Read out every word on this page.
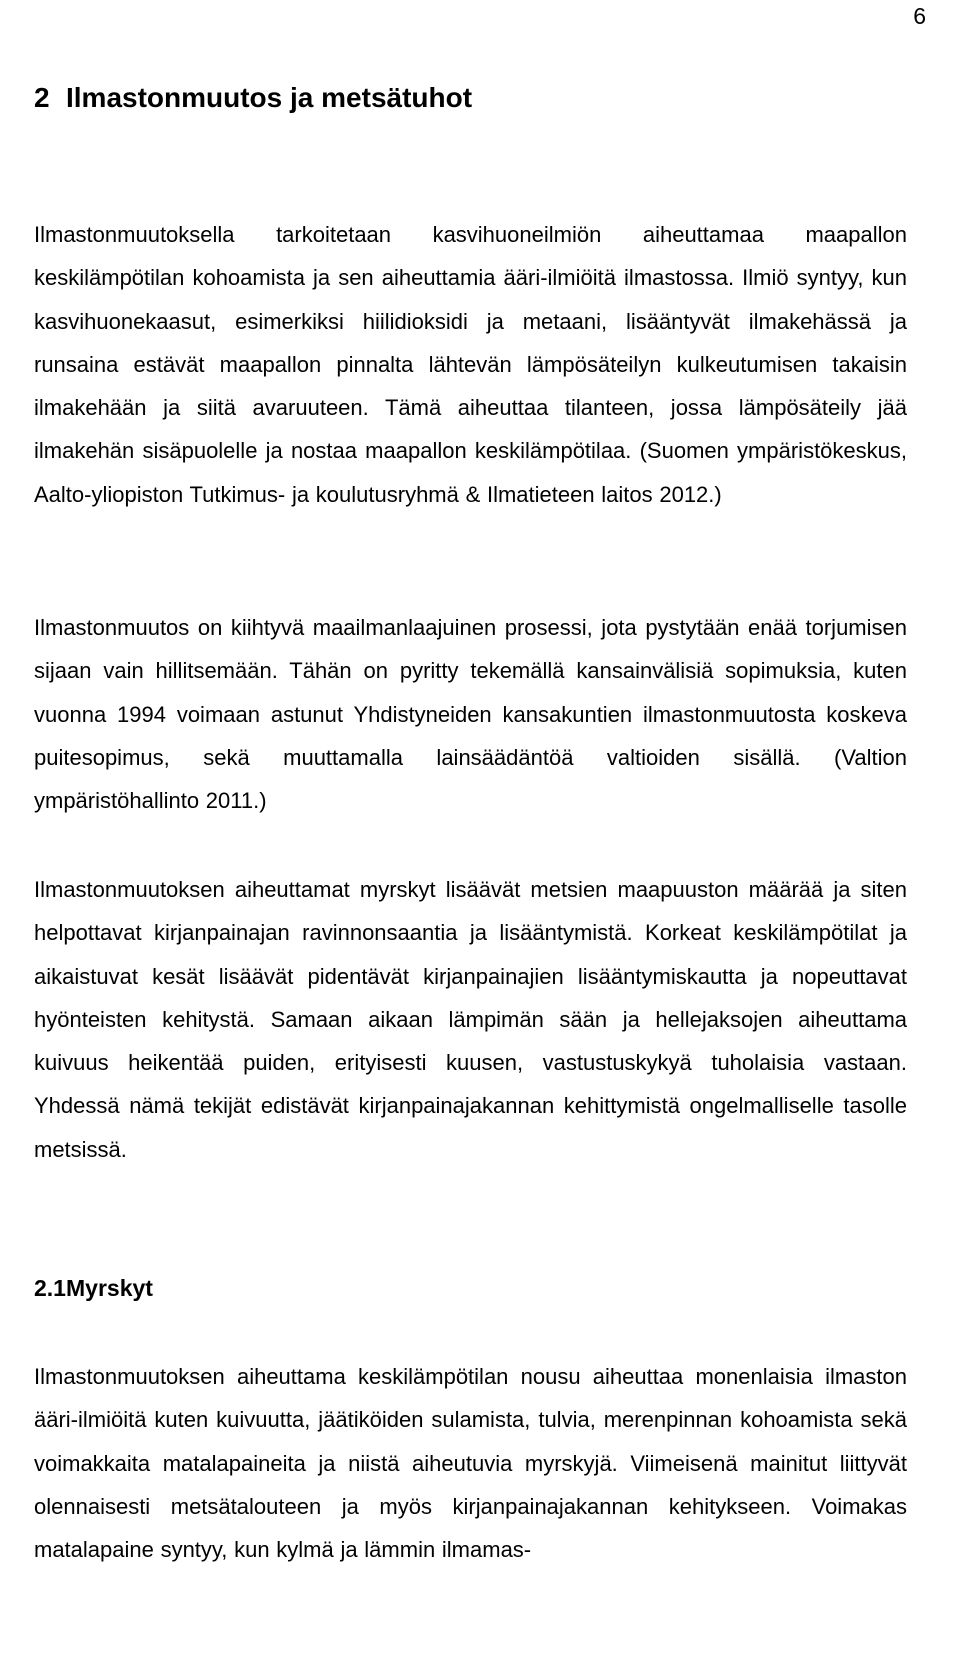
6
2 Ilmastonmuutos ja metsätuhot

Ilmastonmuutoksella tarkoitetaan kasvihuoneilmiön aiheuttamaa maapallon keskilämpötilan kohoamista ja sen aiheuttamia ääri-ilmiöitä ilmastossa. Ilmiö syntyy, kun kasvihuonekaasut, esimerkiksi hiilidioksidi ja metaani, lisääntyvät ilmakehässä ja runsaina estävät maapallon pinnalta lähtevän lämpösäteilyn kulkeutumisen takaisin ilmakehään ja siitä avaruuteen. Tämä aiheuttaa tilanteen, jossa lämpösäteily jää ilmakehän sisäpuolelle ja nostaa maapallon keskilämpötilaa. (Suomen ympäristökeskus, Aalto-yliopiston Tutkimus- ja koulutusryhmä & Ilmatieteen laitos 2012.)

Ilmastonmuutos on kiihtyvä maailmanlaajuinen prosessi, jota pystytään enää torjumisen sijaan vain hillitsemään. Tähän on pyritty tekemällä kansainvälisiä sopimuksia, kuten vuonna 1994 voimaan astunut Yhdistyneiden kansakuntien ilmastonmuutosta koskeva puitesopimus, sekä muuttamalla lainsäädäntöä valtioiden sisällä. (Valtion ympäristöhallinto 2011.)

Ilmastonmuutoksen aiheuttamat myrskyt lisäävät metsien maapuuston määrää ja siten helpottavat kirjanpainajan ravinnonsaantia ja lisääntymistä. Korkeat keskilämpötilat ja aikaistuvat kesät lisäävät pidentävät kirjanpainajien lisääntymiskautta ja nopeuttavat hyönteisten kehitystä. Samaan aikaan lämpimän sään ja hellejaksojen aiheuttama kuivuus heikentää puiden, erityisesti kuusen, vastustuskykyä tuholaisia vastaan. Yhdessä nämä tekijät edistävät kirjanpainajakannan kehittymistä ongelmalliselle tasolle metsissä.

2.1Myrskyt

Ilmastonmuutoksen aiheuttama keskilämpötilan nousu aiheuttaa monenlaisia ilmaston ääri-ilmiöitä kuten kuivuutta, jäätiköiden sulamista, tulvia, merenpinnan kohoamista sekä voimakkaita matalapaineita ja niistä aiheutuvia myrskyjä. Viimeisenä mainitut liittyvät olennaisesti metsätalouteen ja myös kirjanpainajakannan kehitykseen. Voimakas matalapaine syntyy, kun kylmä ja lämmin ilmamas-
